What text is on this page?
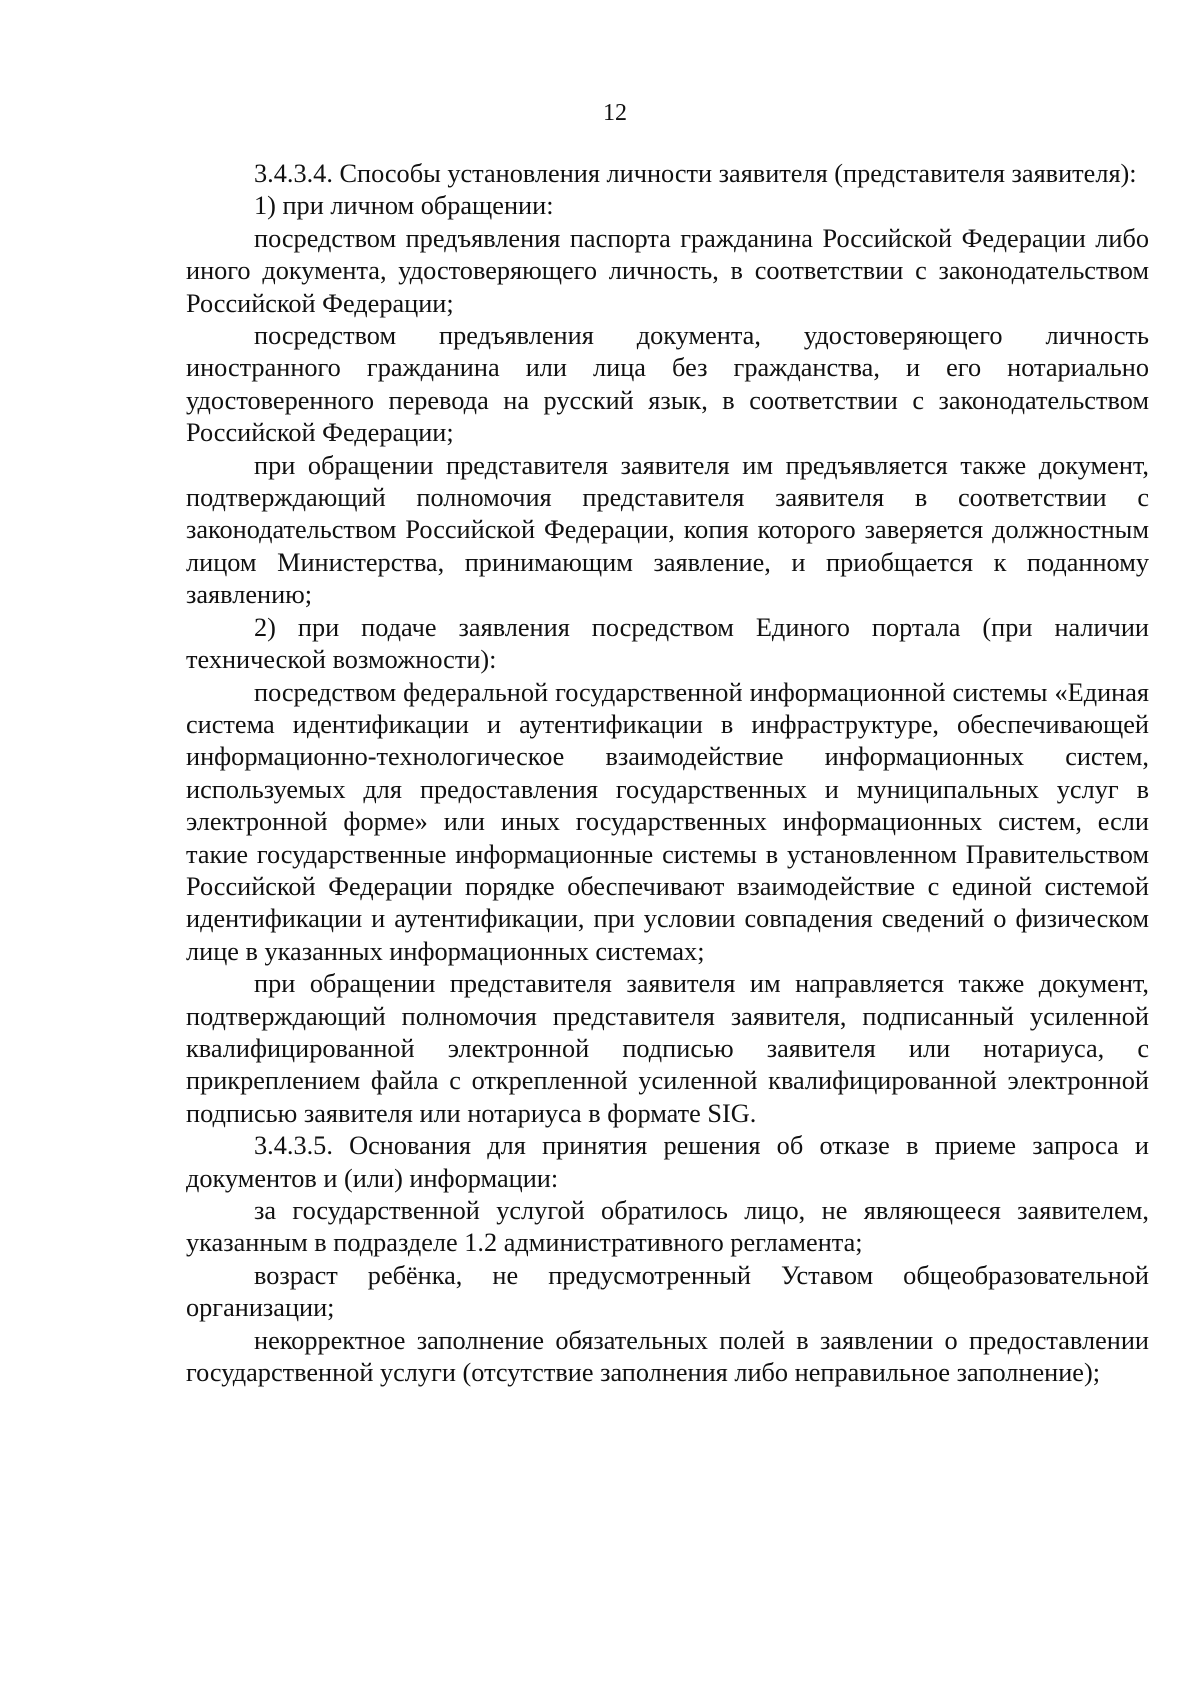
12

3.4.3.4. Способы установления личности заявителя (представителя заявителя):

1) при личном обращении:

посредством предъявления паспорта гражданина Российской Федерации либо иного документа, удостоверяющего личность, в соответствии с законодательством Российской Федерации;

посредством предъявления документа, удостоверяющего личность иностранного гражданина или лица без гражданства, и его нотариально удостоверенного перевода на русский язык, в соответствии с законодательством Российской Федерации;

при обращении представителя заявителя им предъявляется также документ, подтверждающий полномочия представителя заявителя в соответствии с законодательством Российской Федерации, копия которого заверяется должностным лицом Министерства, принимающим заявление, и приобщается к поданному заявлению;

2) при подаче заявления посредством Единого портала (при наличии технической возможности):

посредством федеральной государственной информационной системы «Единая система идентификации и аутентификации в инфраструктуре, обеспечивающей информационно-технологическое взаимодействие информационных систем, используемых для предоставления государственных и муниципальных услуг в электронной форме» или иных государственных информационных систем, если такие государственные информационные системы в установленном Правительством Российской Федерации порядке обеспечивают взаимодействие с единой системой идентификации и аутентификации, при условии совпадения сведений о физическом лице в указанных информационных системах;

при обращении представителя заявителя им направляется также документ, подтверждающий полномочия представителя заявителя, подписанный усиленной квалифицированной электронной подписью заявителя или нотариуса, с прикреплением файла с открепленной усиленной квалифицированной электронной подписью заявителя или нотариуса в формате SIG.

3.4.3.5. Основания для принятия решения об отказе в приеме запроса и документов и (или) информации:

за государственной услугой обратилось лицо, не являющееся заявителем, указанным в подразделе 1.2 административного регламента;

возраст ребёнка, не предусмотренный Уставом общеобразовательной организации;

некорректное заполнение обязательных полей в заявлении о предоставлении государственной услуги (отсутствие заполнения либо неправильное заполнение);
